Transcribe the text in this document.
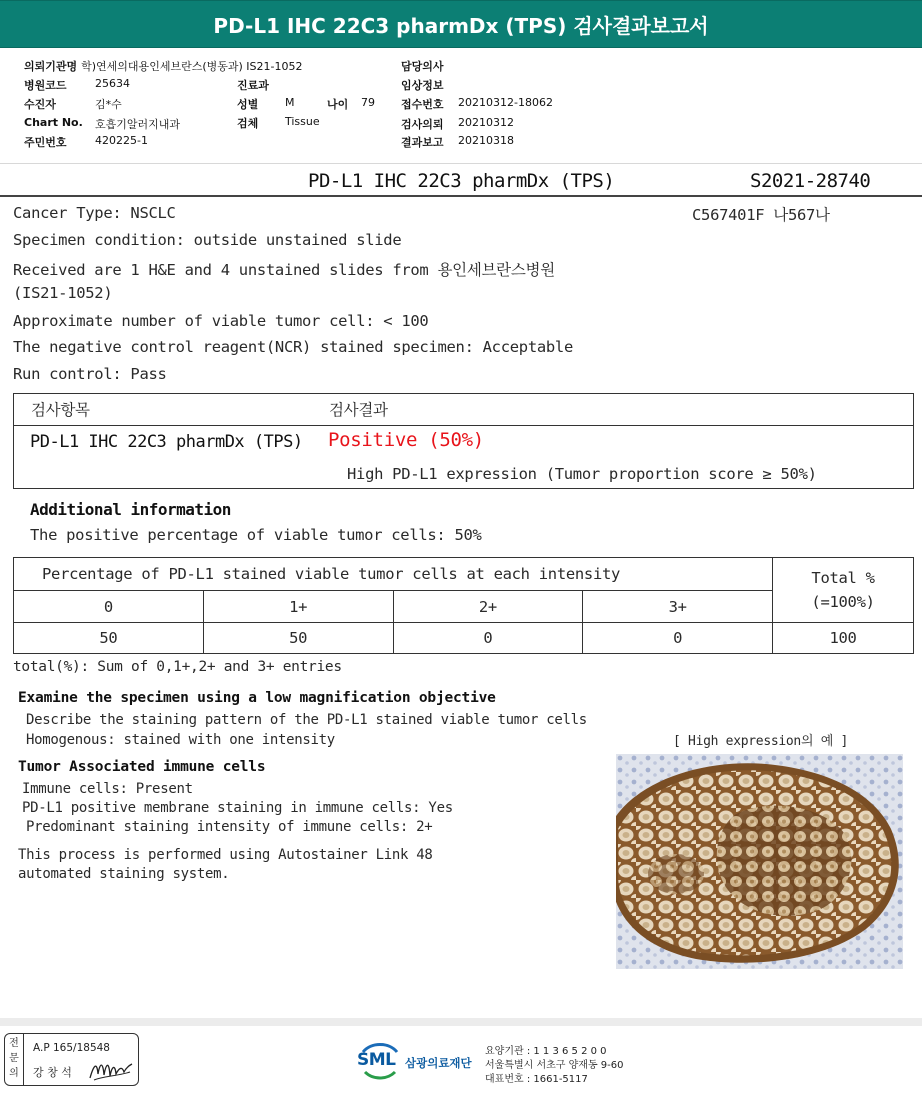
PD-L1 IHC 22C3 pharmDx (TPS) 검사결과보고서
의뢰기관명 학)연세의대용인세브란스(병동과) IS21-1052
병원코드	25634
수진자	김*수
Chart No. 호흡기알러지내과
주민번호	420225-1
진료과
성별 M	나이 79
검체 Tissue
담당의사
임상정보
접수번호 20210312-18062
검사의뢰 20210312
결과보고 20210318
PD-L1 IHC 22C3 pharmDx (TPS)	S2021-28740
C567401F 나567나
Cancer Type: NSCLC
Specimen condition: outside unstained slide
Received are 1 H&E and 4 unstained slides from 용인세브란스병원
(IS21-1052)
Approximate number of viable tumor cell: < 100
The negative control reagent(NCR) stained specimen: Acceptable
Run control: Pass
검사항목	검사결과
PD-L1 IHC 22C3 pharmDx (TPS) Positive (50%)
High PD-L1 expression (Tumor proportion score ≥ 50%)
Additional information
The positive percentage of viable tumor cells: 50%
Percentage of PD-L1 stained viable tumor cells at each intensity				Total %
(=100%)

0	1+	2+	3+	
50	50	0	0	100
total(%): Sum of 0,1+,2+ and 3+ entries
Examine the specimen using a low magnification objective
Describe the staining pattern of the PD-L1 stained viable tumor cells
Homogenous: stained with one intensity	[ High expression의 예 ]
Tumor Associated immune cells
Immune cells: Present
PD-L1 positive membrane staining in immune cells: Yes
Predominant staining intensity of immune cells: 2+
This process is performed using Autostainer Link 48
automated staining system.
전문의
A.P 165/18548
강 창 석
SML 삼광의료재단
요양기관 : 1 1 3 6 5 2 0 0
서울특별시 서초구 양재동 9-60
대표번호 : 1661-5117
